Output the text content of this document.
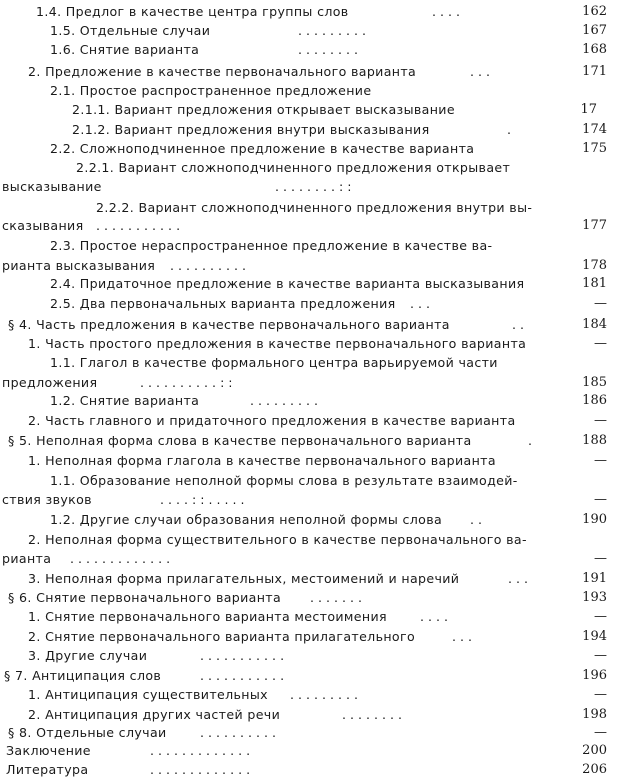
1.4. Предлог в качестве центра группы слов	. . . .	162
1.5. Отдельные случаи	. . . . . . . . .	167
1.6. Снятие варианта	. . . . . . . .	168
2. Предложение в качестве первоначального варианта	. . .	171
2.1. Простое распространенное предложение
2.1.1. Вариант предложения открывает высказывание	17
2.1.2. Вариант предложения внутри высказывания	.	174
2.2. Сложноподчиненное предложение в качестве варианта	175
2.2.1. Вариант сложноподчиненного предложения открывает
высказывание	. . . . . . . . : :
2.2.2. Вариант сложноподчиненного предложения внутри вы-
сказывания . . . . . . . . . . .	177
2.3. Простое нераспространенное предложение в качестве ва-
рианта высказывания . . . . . . . . . .	178
2.4. Придаточное предложение в качестве варианта высказывания	181
2.5. Два первоначальных варианта предложения . . .	—
§ 4. Часть предложения в качестве первоначального варианта	. .	184
1. Часть простого предложения в качестве первоначального варианта	—
1.1. Глагол в качестве формального центра варьируемой части
предложения	. . . . . . . . . . : :	185
1.2. Снятие варианта	. . . . . . . . .	186
2. Часть главного и придаточного предложения в качестве варианта	—
§ 5. Неполная форма слова в качестве первоначального варианта	.	188
1. Неполная форма глагола в качестве первоначального варианта	—
1.1. Образование неполной формы слова в результате взаимодей-
ствия звуков	. . . . : : . . . . .	—
1.2. Другие случаи образования неполной формы слова . .	190
2. Неполная форма существительного в качестве первоначального ва-
рианта . . . . . . . . . . . . .	—
3. Неполная форма прилагательных, местоимений и наречий	. . .	191
§ 6. Снятие первоначального варианта . . . . . . .	193
1. Снятие первоначального варианта местоимения	. . . .	—
2. Снятие первоначального варианта прилагательного	. . .	194
3. Другие случаи	. . . . . . . . . . .	—
§ 7. Антиципация слов	. . . . . . . . . . .	196
1. Антиципация существительных . . . . . . . . .	—
2. Антиципация других частей речи	. . . . . . . .	198
§ 8. Отдельные случаи	. . . . . . . . . .	—
Заключение	. . . . . . . . . . . . .	200
Литература	. . . . . . . . . . . . .	206
